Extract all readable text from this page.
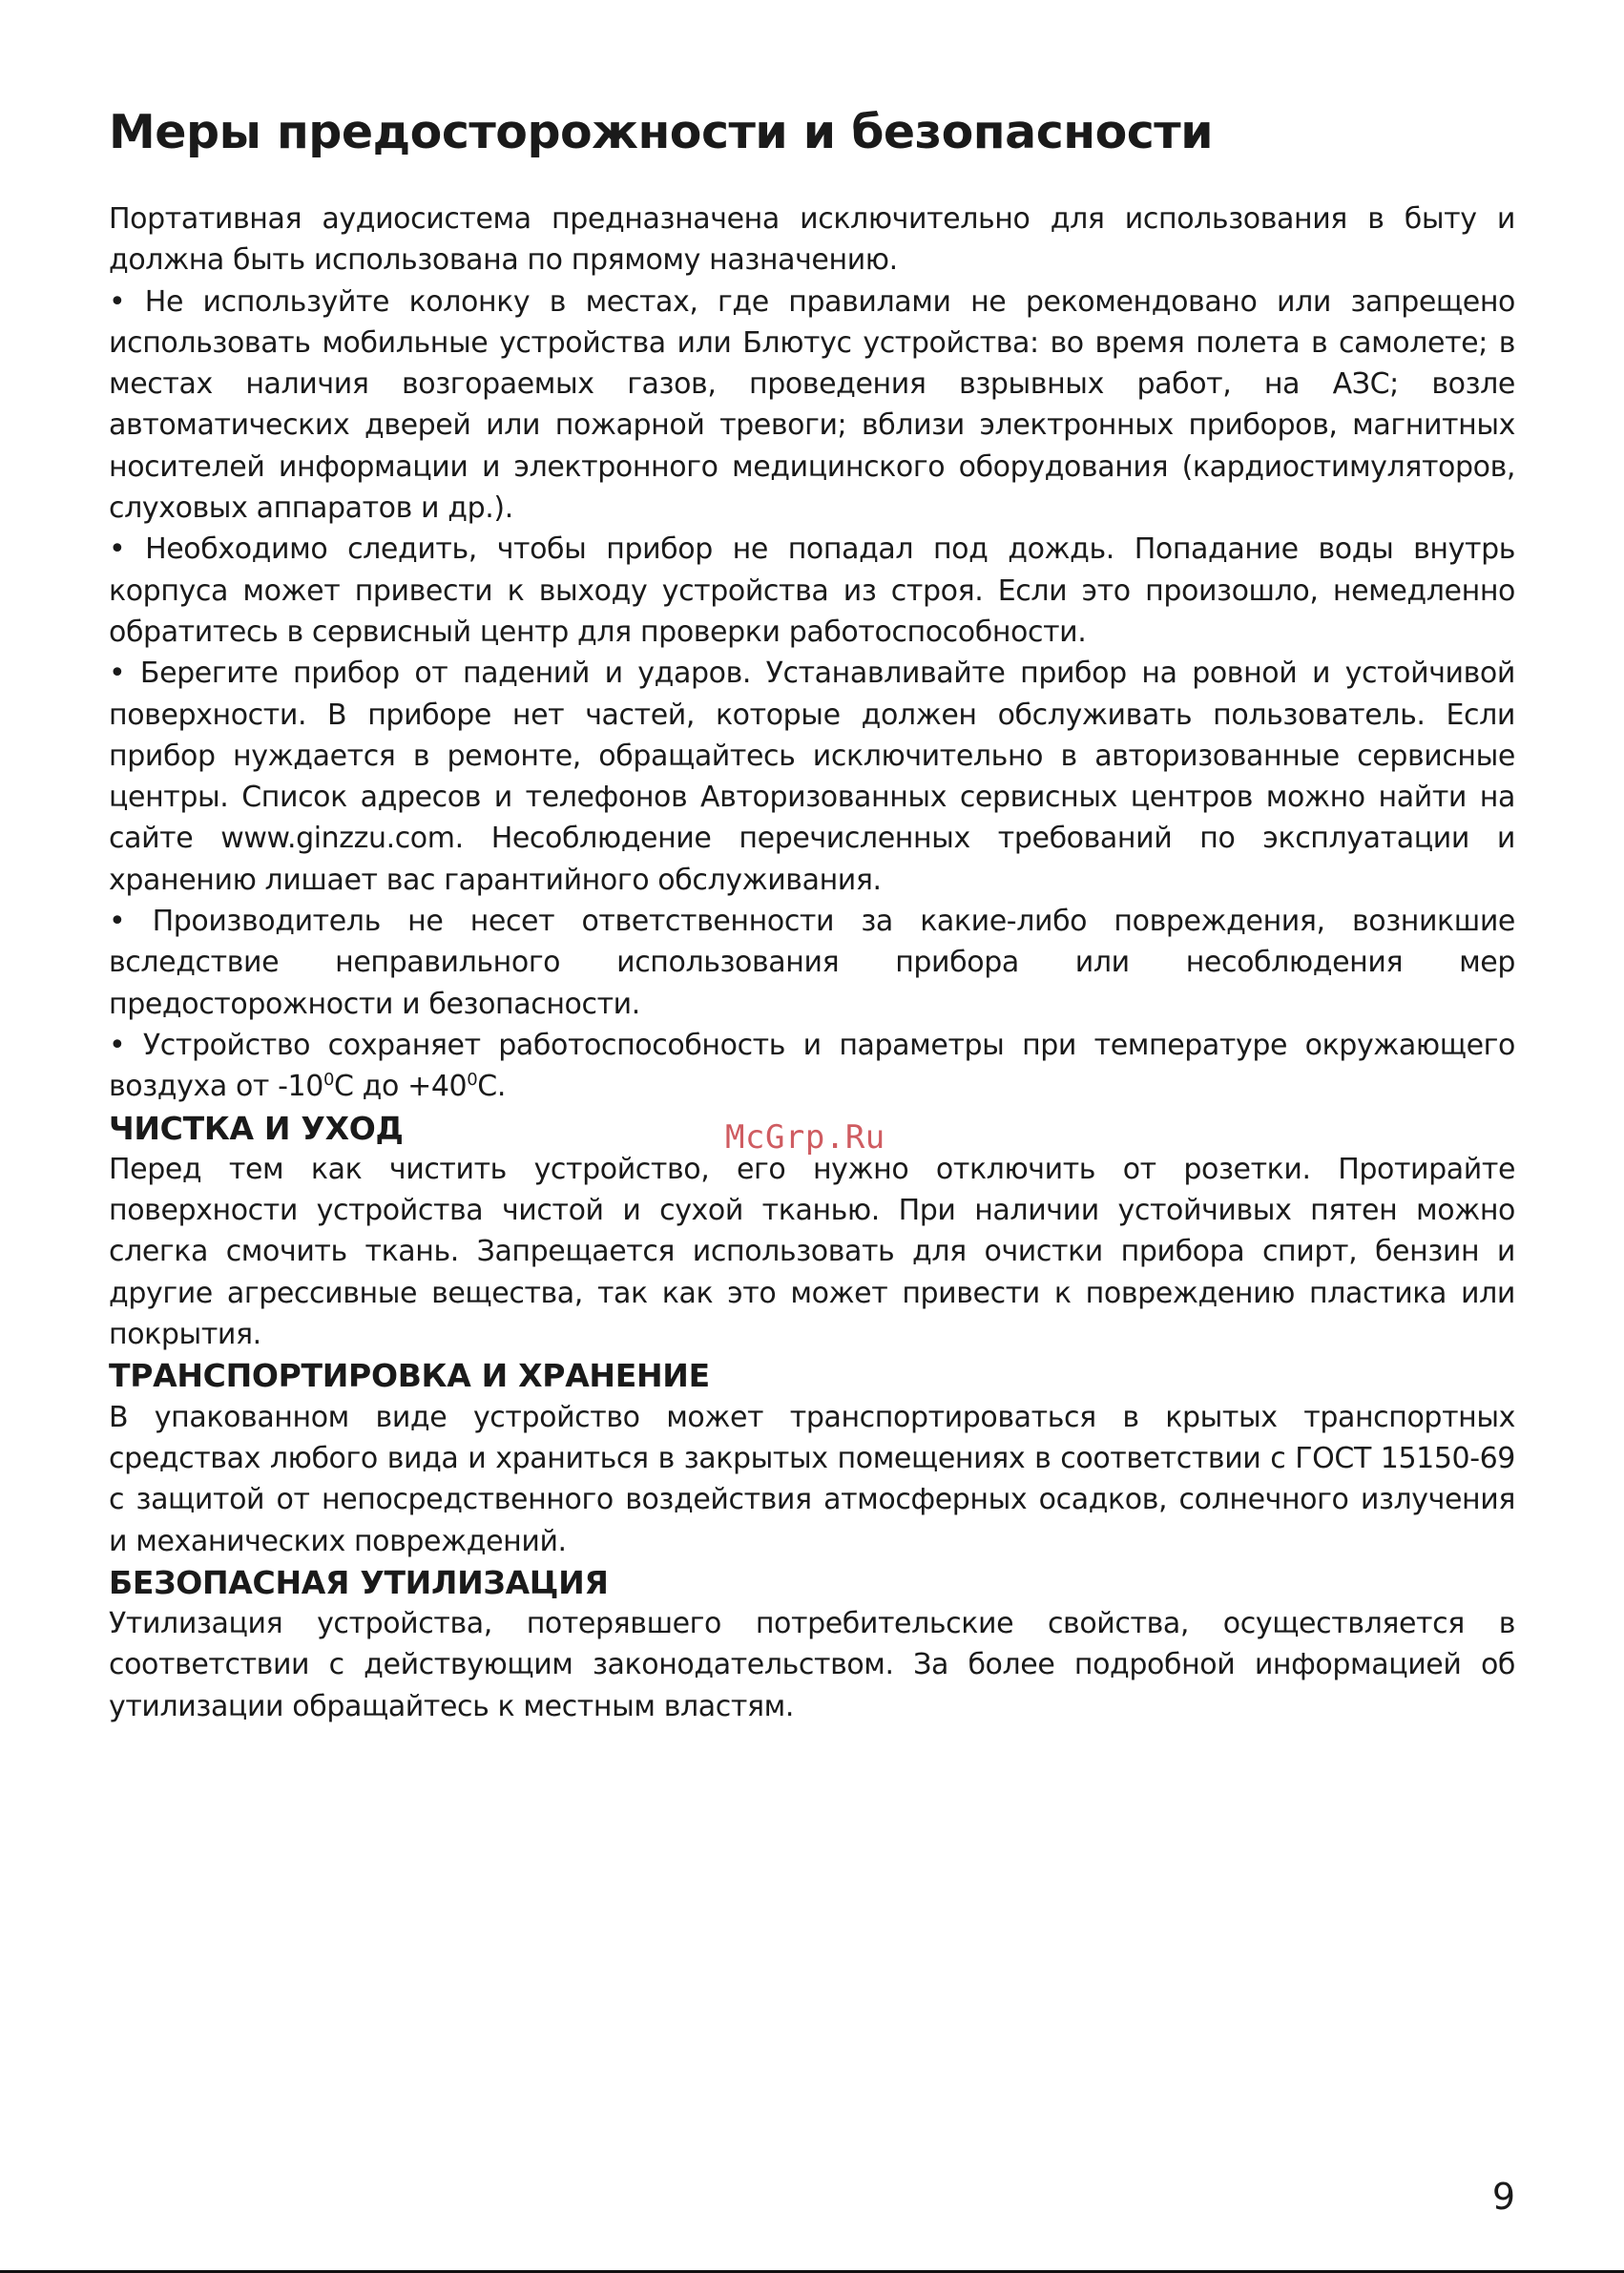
Меры предосторожности и безопасности

Портативная аудиосистема предназначена исключительно для использования в быту и должна быть использована по прямому назначению.

• Не используйте колонку в местах, где правилами не рекомендовано или запрещено использовать мобильные устройства или Блютус устройства: во время полета в самолете; в местах наличия возгораемых газов, проведения взрывных работ, на АЗС; возле автоматических дверей или пожарной тревоги; вблизи электронных приборов, магнитных носителей информации и электронного медицинского оборудования (кардиостимуляторов, слуховых аппаратов и др.).

• Необходимо следить, чтобы прибор не попадал под дождь. Попадание воды внутрь корпуса может привести к выходу устройства из строя. Если это произошло, немедленно обратитесь в сервисный центр для проверки работоспособности.

• Берегите прибор от падений и ударов. Устанавливайте прибор на ровной и устойчивой поверхности. В приборе нет частей, которые должен обслуживать пользователь. Если прибор нуждается в ремонте, обращайтесь исключительно в авторизованные сервисные центры. Список адресов и телефонов Авторизованных сервисных центров можно найти на сайте www.ginzzu.com. Несоблюдение перечисленных требований по эксплуатации и хранению лишает вас гарантийного обслуживания.

• Производитель не несет ответственности за какие-либо повреждения, возникшие вследствие неправильного использования прибора или несоблюдения мер предосторожности и безопасности.

• Устройство сохраняет работоспособность и параметры при температуре окружающего воздуха от $-10^0С$ до $+40^0С$.

ЧИСТКА И УХОД

Перед тем как чистить устройство, его нужно отключить от розетки. Протирайте поверхности устройства чистой и сухой тканью. При наличии устойчивых пятен можно слегка смочить ткань. Запрещается использовать для очистки прибора спирт, бензин и другие агрессивные вещества, так как это может привести к повреждению пластика или покрытия.

ТРАНСПОРТИРОВКА И ХРАНЕНИЕ

В упакованном виде устройство может транспортироваться в крытых транспортных средствах любого вида и храниться в закрытых помещениях в соответствии с ГОСТ 15150-69 с защитой от непосредственного воздействия атмосферных осадков, солнечного излучения и механических повреждений.

БЕЗОПАСНАЯ УТИЛИЗАЦИЯ

Утилизация устройства, потерявшего потребительские свойства, осуществляется в соответствии с действующим законодательством. За более подробной информацией об утилизации обращайтесь к местным властям.

McGrp.Ru
9
